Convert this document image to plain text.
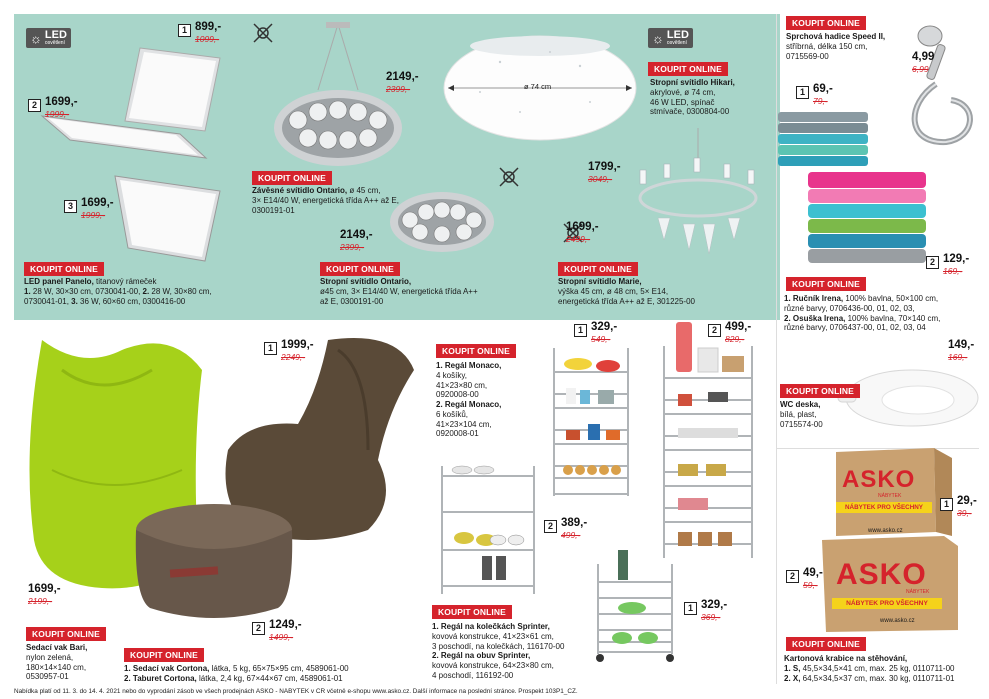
☼ LED
osvětlení	☼ LED
osvětlení
1 899,-
1099,-
2 1699,-
1999,-
3 1699,-
1999,-
KOUPIT ONLINE
LED panel Panelo, titanový rámeček
1. 28 W, 30×30 cm, 0730041-00, 2. 28 W, 30×80 cm,
0730041-01, 3. 36 W, 60×60 cm, 0300416-00
2149,-
2399,-
KOUPIT ONLINE
Závěsné svítidlo Ontario, ø 45 cm,
3× E14/40 W, energetická třída A++ až E,
0300191-01
2149,-
2399,-
KOUPIT ONLINE
Stropní svítidlo Ontario,
ø45 cm, 3× E14/40 W, energetická třída A++
až E, 0300191-00
ø 74 cm
KOUPIT ONLINE
Stropní svítidlo Hikari,
akrylové, ø 74 cm,
46 W LED, spínač
stmívače, 0300804-00
1799,-
3049,-
1699,-
2499,-
KOUPIT ONLINE
Stropní svítidlo Marie,
výška 45 cm, ø 48 cm, 5× E14,
energetická třída A++ až E, 301225-00
KOUPIT ONLINE
Sprchová hadice Speed II,
stříbrná, délka 150 cm,
0715569-00	4,99
6,99
1 69,-
79,-
2 129,-
169,-
KOUPIT ONLINE
1. Ručník Irena, 100% bavlna, 50×100 cm,
různé barvy, 0706436-00, 01, 02, 03,
2. Osuška Irena, 100% bavlna, 70×140 cm,
různé barvy, 0706437-00, 01, 02, 03, 04
149,-
169,-
KOUPIT ONLINE
WC deska,
bílá, plast,
0715574-00
ASKO
NÁBYTEK
NÁBYTEK PRO VŠECHNY
www.asko.cz
ASKO
NÁBYTEK
NÁBYTEK PRO VŠECHNY
www.asko.cz
1 29,-
39,-
2 49,-
59,-
KOUPIT ONLINE
Kartonová krabice na stěhování,
1. S, 45,5×34,5×41 cm, max. 25 kg, 0110711-00
2. X, 64,5×34,5×37 cm, max. 30 kg, 0110711-01
1 1999,-
2249,-
2 1249,-
1499,-
1699,-
2199,-
KOUPIT ONLINE
Sedací vak Bari,
nylon zelená,
180×14×140 cm,
0530957-01
KOUPIT ONLINE
1. Sedací vak Cortona, látka, 5 kg, 65×75×95 cm, 4589061-00
2. Taburet Cortona, látka, 2,4 kg, 67×44×67 cm, 4589061-01
KOUPIT ONLINE
1. Regál Monaco,
4 košíky,
41×23×80 cm,
0920008-00
2. Regál Monaco,
6 košíků,
41×23×104 cm,
0920008-01
1 329,-
549,-
2 499,-
829,-
2 389,-
499,-
1 329,-
369,-
KOUPIT ONLINE
1. Regál na kolečkách Sprinter,
kovová konstrukce, 41×23×61 cm,
3 poschodí, na kolečkách, 116170-00
2. Regál na obuv Sprinter,
kovová konstrukce, 64×23×80 cm,
4 poschodí, 116192-00
Nabídka platí od 11. 3. do 14. 4. 2021 nebo do vyprodání zásob ve všech prodejnách ASKO - NÁBYTEK v ČR včetně e-shopu www.asko.cz. Další informace na poslední stránce. Prospekt 103P1_CZ.
